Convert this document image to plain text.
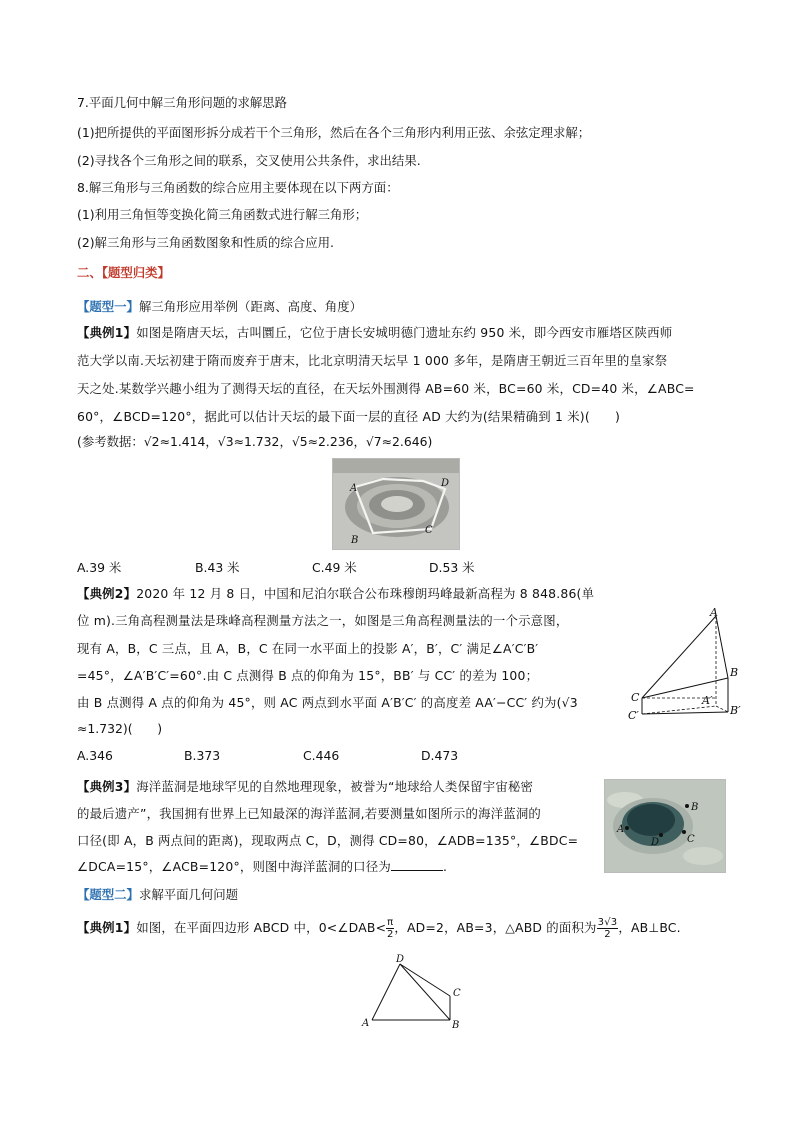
7.平面几何中解三角形问题的求解思路
(1)把所提供的平面图形拆分成若干个三角形，然后在各个三角形内利用正弦、余弦定理求解；
(2)寻找各个三角形之间的联系，交叉使用公共条件，求出结果.
8.解三角形与三角函数的综合应用主要体现在以下两方面：
(1)利用三角恒等变换化简三角函数式进行解三角形；
(2)解三角形与三角函数图象和性质的综合应用.
二、【题型归类】
【题型一】解三角形应用举例（距离、高度、角度）
【典例1】如图是隋唐天坛，古叫圜丘，它位于唐长安城明德门遗址东约 950 米，即今西安市雁塔区陕西师
范大学以南.天坛初建于隋而废弃于唐末，比北京明清天坛早 1 000 多年，是隋唐王朝近三百年里的皇家祭
天之处.某数学兴趣小组为了测得天坛的直径，在天坛外围测得 AB=60 米，BC=60 米，CD=40 米，∠ABC=
60°，∠BCD=120°，据此可以估计天坛的最下面一层的直径 AD 大约为(结果精确到 1 米)(　　)
(参考数据：√2≈1.414，√3≈1.732，√5≈2.236，√7≈2.646)
A
B
C
D
A.39 米	B.43 米	C.49 米	D.53 米
【典例2】2020 年 12 月 8 日，中国和尼泊尔联合公布珠穆朗玛峰最新高程为 8 848.86(单
位 m).三角高程测量法是珠峰高程测量方法之一，如图是三角高程测量法的一个示意图，
现有 A，B，C 三点，且 A，B，C 在同一水平面上的投影 A′，B′，C′ 满足∠A′C′B′
=45°，∠A′B′C′=60°.由 C 点测得 B 点的仰角为 15°，BB′ 与 CC′ 的差为 100；
由 B 点测得 A 点的仰角为 45°，则 AC 两点到水平面 A′B′C′ 的高度差 AA′−CC′ 约为(√3
≈1.732)(　　)
A
B
C
C′
A′
B′
A.346	B.373	C.446	D.473
【典例3】海洋蓝洞是地球罕见的自然地理现象，被誉为“地球给人类保留宇宙秘密
的最后遗产”，我国拥有世界上已知最深的海洋蓝洞,若要测量如图所示的海洋蓝洞的
口径(即 A，B 两点间的距离)，现取两点 C，D，测得 CD=80，∠ADB=135°，∠BDC=
∠DCA=15°，∠ACB=120°，则图中海洋蓝洞的口径为	.
B
A
D	C
【题型二】求解平面几何问题
【典例1】如图，在平面四边形 ABCD 中，0<∠DAB< $\frac{\pi}{2}$ ，AD=2，AB=3，△ABD 的面积为 $\frac{3√3}{2}$ ，AB⊥BC.
D
C
A	B
